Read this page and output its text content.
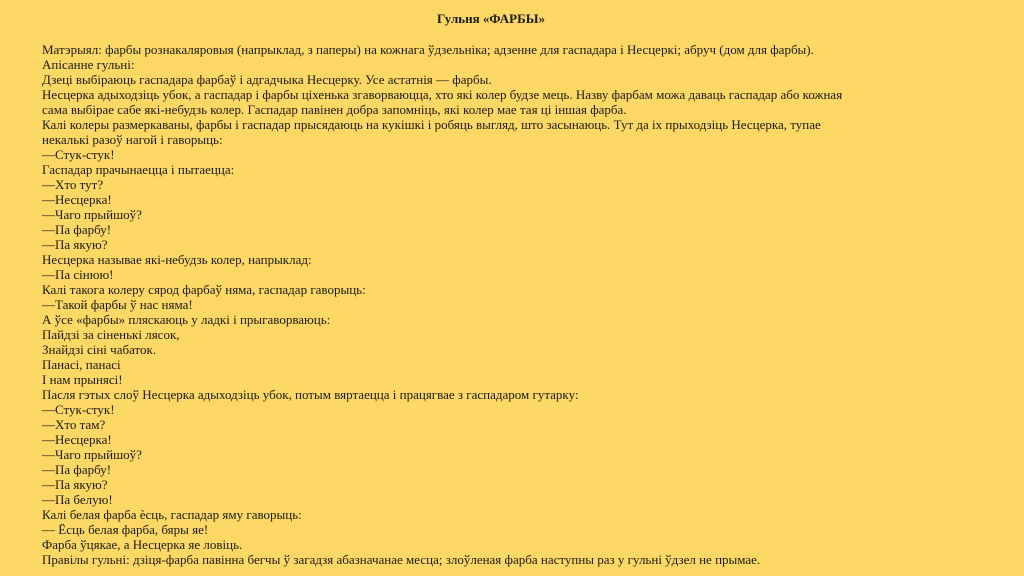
Гульня «ФАРБЫ»
Матэрыял: фарбы рознакаляровыя (напрыклад, з паперы) на кожнага ўдзельніка; адзенне для гаспадара і Несцеркі; абруч (дом для фарбы).
Апісанне гульні:
Дзеці выбіраюць гаспадара фарбаў і адгадчыка Несцерку. Усе астатнія — фарбы.
Несцерка адыходзіць убок, а гаспадар і фарбы ціхенька згаворваюцца, хто які колер будзе мець. Назву фарбам можа даваць гаспадар або кожная
сама выбірае сабе які-небудзь колер. Гаспадар павінен добра запомніць, які колер мае тая ці іншая фарба.
Калі колеры размеркаваны, фарбы і гаспадар прысядаюць на кукішкі і робяць выгляд, што засынаюць. Тут да іх прыходзіць Несцерка, тупае
некалькі разоў нагой і гаворыць:
—Стук-стук!
Гаспадар прачынаецца і пытаецца:
—Хто тут?
—Несцерка!
—Чаго прыйшоў?
—Па фарбу!
—Па якую?
Несцерка называе які-небудзь колер, напрыклад:
—Па сінюю!
Калі такога колеру сярод фарбаў няма, гаспадар гаворыць:
—Такой фарбы ў нас няма!
А ўсе «фарбы» пляскаюць у ладкі і прыгаворваюць:
Пайдзі за сіненькі лясок,
Знайдзі сіні чабаток.
Панасі, панасі
І нам прынясі!
Пасля гэтых слоў Несцерка адыходзіць убок, потым вяртаецца і працягвае з гаспадаром гутарку:
—Стук-стук!
—Хто там?
—Несцерка!
—Чаго прыйшоў?
—Па фарбу!
—Па якую?
—Па белую!
Калі белая фарба ѐсць, гаспадар яму гаворыць:
— Ёсць белая фарба, бяры яе!
Фарба ўцякае, а Несцерка яе ловіць.
Правілы гульні: дзіця-фарба павінна бегчы ў загадзя абазначанае месца; злоўленая фарба наступны раз у гульні ўдзел не прымае.
